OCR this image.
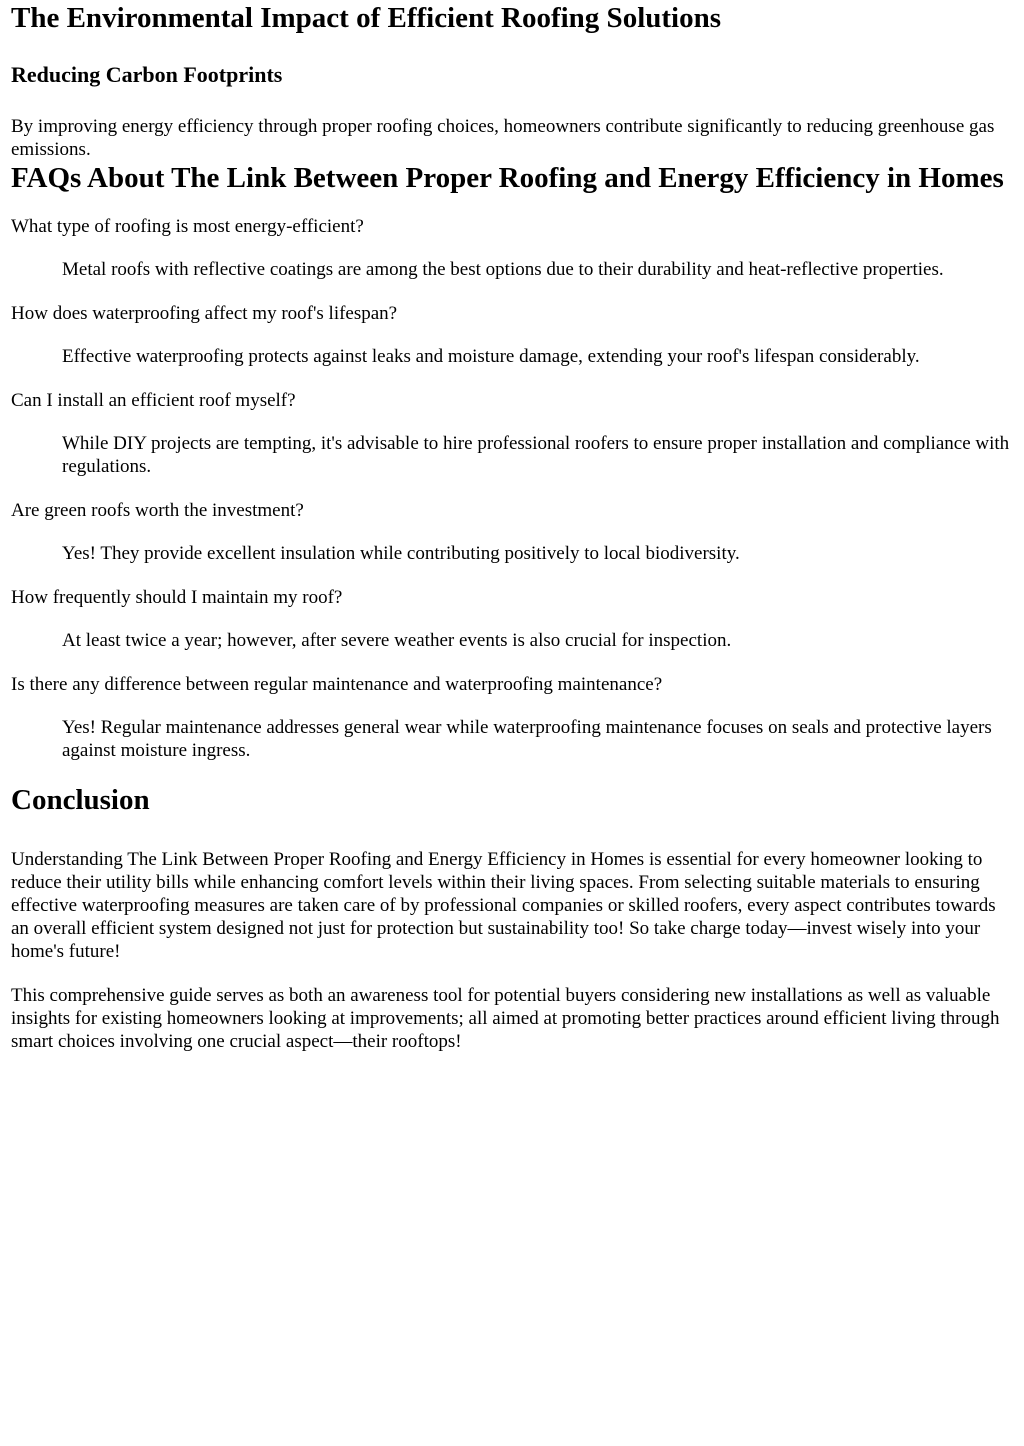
The Environmental Impact of Efficient Roofing Solutions
Reducing Carbon Footprints

By improving energy efficiency through proper roofing choices, homeowners contribute significantly to reducing greenhouse gas emissions.

FAQs About The Link Between Proper Roofing and Energy Efficiency in Homes
What type of roofing is most energy-efficient?
Metal roofs with reflective coatings are among the best options due to their durability and heat-reflective properties.
How does waterproofing affect my roof's lifespan?
Effective waterproofing protects against leaks and moisture damage, extending your roof's lifespan considerably.
Can I install an efficient roof myself?
While DIY projects are tempting, it's advisable to hire professional roofers to ensure proper installation and compliance with regulations.
Are green roofs worth the investment?
Yes! They provide excellent insulation while contributing positively to local biodiversity.
How frequently should I maintain my roof?
At least twice a year; however, after severe weather events is also crucial for inspection.
Is there any difference between regular maintenance and waterproofing maintenance?
Yes! Regular maintenance addresses general wear while waterproofing maintenance focuses on seals and protective layers against moisture ingress.
Conclusion

Understanding The Link Between Proper Roofing and Energy Efficiency in Homes is essential for every homeowner looking to reduce their utility bills while enhancing comfort levels within their living spaces. From selecting suitable materials to ensuring effective waterproofing measures are taken care of by professional companies or skilled roofers, every aspect contributes towards an overall efficient system designed not just for protection but sustainability too! So take charge today—invest wisely into your home's future!

This comprehensive guide serves as both an awareness tool for potential buyers considering new installations as well as valuable insights for existing homeowners looking at improvements; all aimed at promoting better practices around efficient living through smart choices involving one crucial aspect—their rooftops!
